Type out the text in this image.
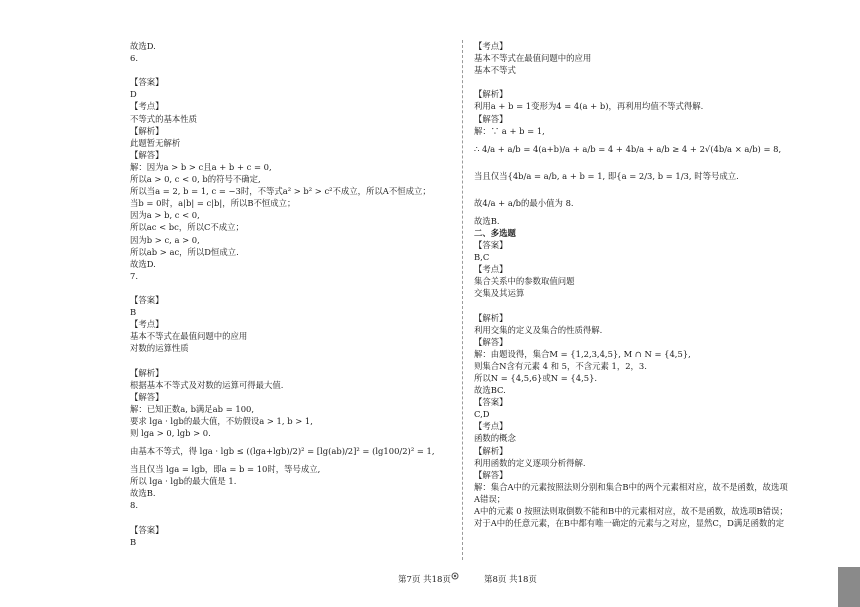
故选D.
6.
【答案】
D
【考点】
不等式的基本性质
【解析】
此题暂无解析
【解答】
解：因为a > b > c且a + b + c = 0,
所以a > 0, c < 0, b的符号不确定,
所以当a = 2, b = 1, c = −3时，不等式a² > b² > c²不成立，所以A不恒成立；
当b = 0时，a|b| = c|b|，所以B不恒成立；
因为a > b, c < 0,
所以ac < bc，所以C不成立；
因为b > c, a > 0,
所以ab > ac，所以D恒成立.
故选D.
7.
【答案】
B
【考点】
基本不等式在最值问题中的应用
对数的运算性质
【解析】
根据基本不等式及对数的运算可得最大值.
【解答】
解：已知正数a, b满足ab = 100,
要求 lga · lgb的最大值，不妨假设a > 1, b > 1,
则 lga > 0, lgb > 0.
由基本不等式，得 lga · lgb ≤ ((lga+lgb)/2)² = [lg(ab)/2]² = (lg100/2)² = 1,
当且仅当 lga = lgb，即a = b = 10时，等号成立,
所以 lga · lgb的最大值是 1.
故选B.
8.
【答案】
B
【考点】
基本不等式在最值问题中的应用
基本不等式
【解析】
利用a + b = 1变形为4 = 4(a + b)，再利用均值不等式得解.
【解答】
解：∵ a + b = 1,
∴ 4/a + a/b = 4(a+b)/a + a/b = 4 + 4b/a + a/b ≥ 4 + 2√(4b/a × a/b) = 8,
当且仅当{4b/a = a/b, a + b = 1, 即{a = 2/3, b = 1/3, 时等号成立.
故4/a + a/b的最小值为 8.
故选B.
二、多选题
【答案】
B,C
【考点】
集合关系中的参数取值问题
交集及其运算
【解析】
利用交集的定义及集合的性质得解.
【解答】
解：由题设得，集合M = {1,2,3,4,5}, M ∩ N = {4,5},
则集合N含有元素 4 和 5，不含元素 1，2，3.
所以N = {4,5,6}或N = {4,5}.
故选BC.
【答案】
C,D
【考点】
函数的概念
【解析】
利用函数的定义逐项分析得解.
【解答】
解：集合A中的元素按照法则分别和集合B中的两个元素相对应，故不是函数，故选项
A错误；
A中的元素 0 按照法则取倒数不能和B中的元素相对应，故不是函数，故选项B错误；
对于A中的任意元素，在B中都有唯一确定的元素与之对应，显然C，D满足函数的定
第7页 共18页	第8页 共18页
